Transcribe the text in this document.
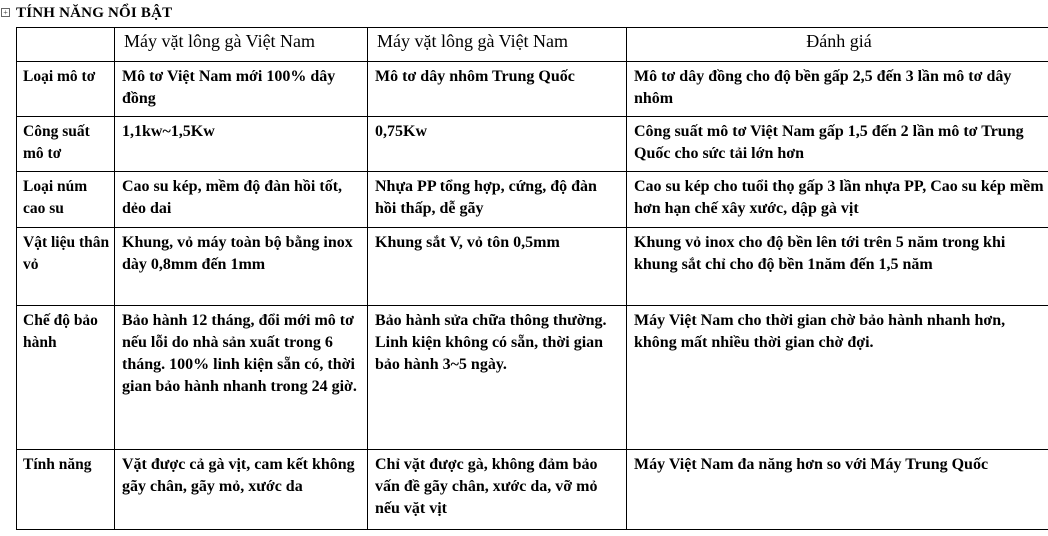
+ TÍNH NĂNG NỔI BẬT
	Máy vặt lông gà Việt Nam	Máy vặt lông gà Việt Nam	Đánh giá
Loại mô tơ	Mô tơ Việt Nam mới 100% dây đồng	Mô tơ dây nhôm Trung Quốc	Mô tơ dây đồng cho độ bền gấp 2,5 đến 3 lần mô tơ dây nhôm
Công suất mô tơ	1,1kw~1,5Kw	0,75Kw	Công suất mô tơ Việt Nam gấp 1,5 đến 2 lần mô tơ Trung Quốc cho sức tải lớn hơn
Loại núm cao su	Cao su kép, mềm độ đàn hồi tốt, dẻo dai	Nhựa PP tổng hợp, cứng, độ đàn hồi thấp, dễ gãy	Cao su kép cho tuổi thọ gấp 3 lần nhựa PP, Cao su kép mềm hơn hạn chế xây xước, dập gà vịt
Vật liệu thân vỏ	Khung, vỏ máy toàn bộ bằng inox dày 0,8mm đến 1mm	Khung sắt V, vỏ tôn 0,5mm	Khung vỏ inox cho độ bền lên tới trên 5 năm trong khi khung sắt chỉ cho độ bền 1năm đến 1,5 năm
Chế độ bảo hành	Bảo hành 12 tháng, đổi mới mô tơ nếu lỗi do nhà sản xuất trong 6 tháng. 100% linh kiện sẵn có, thời gian bảo hành nhanh trong 24 giờ.	Bảo hành sửa chữa thông thường. Linh kiện không có sẵn, thời gian bảo hành 3~5 ngày.	Máy Việt Nam cho thời gian chờ bảo hành nhanh hơn, không mất nhiều thời gian chờ đợi.
Tính năng	Vặt được cả gà vịt, cam kết không gãy chân, gãy mỏ, xước da	Chỉ vặt được gà, không đảm bảo vấn đề gãy chân, xước da, vỡ mỏ nếu vặt vịt	Máy Việt Nam đa năng hơn so với Máy Trung Quốc
